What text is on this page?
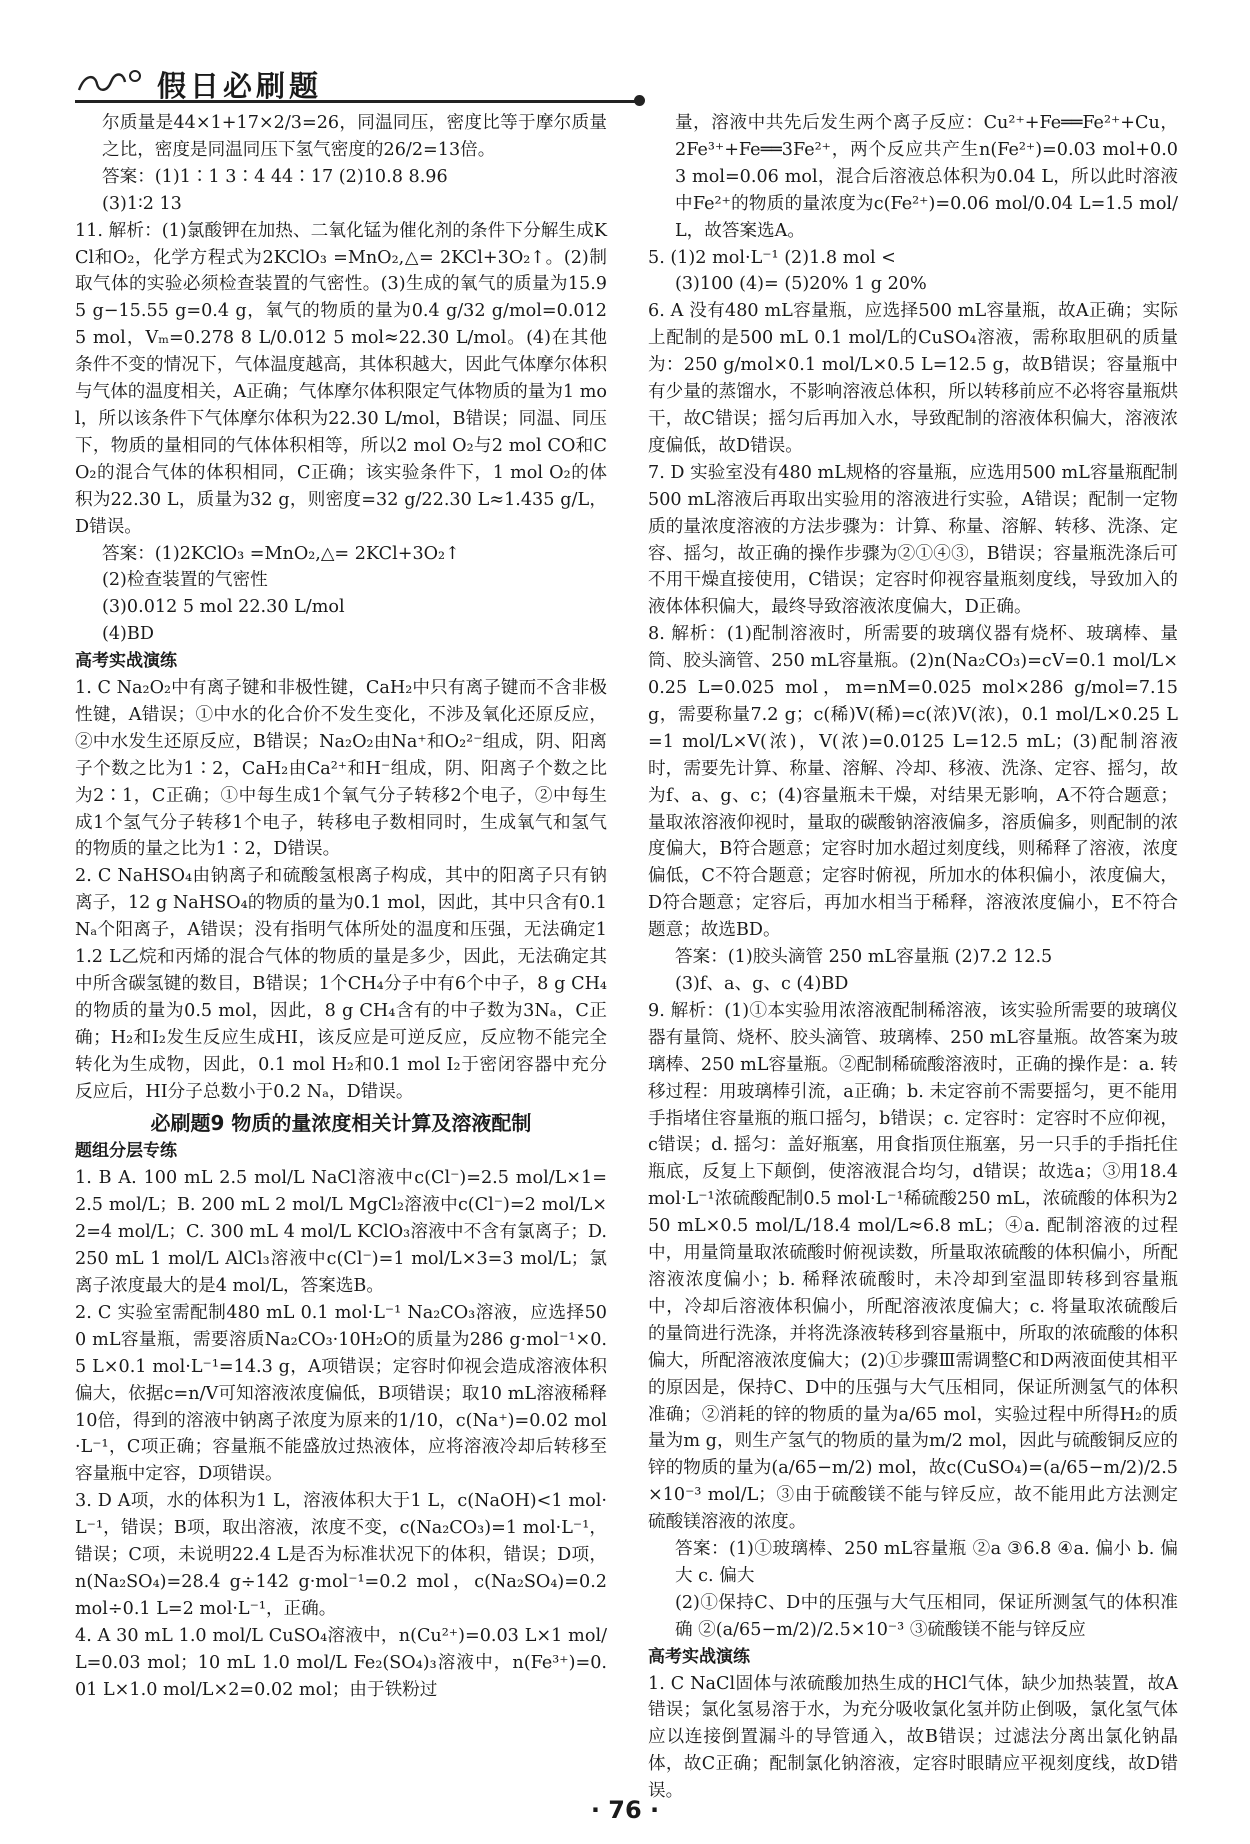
假日必刷题

尔质量是44×1+17×2/3=26，同温同压，密度比等于摩尔质量之比，密度是同温同压下氢气密度的26/2=13倍。

答案：(1)1∶1 3∶4 44∶17 (2)10.8 8.96

(3)1∶2 13

11. 解析：(1)氯酸钾在加热、二氧化锰为催化剂的条件下分解生成KCl和O₂，化学方程式为2KClO₃ =MnO₂,△= 2KCl+3O₂↑。(2)制取气体的实验必须检查装置的气密性。(3)生成的氧气的质量为15.95 g−15.55 g=0.4 g，氧气的物质的量为0.4 g/32 g/mol=0.012 5 mol，Vₘ=0.278 8 L/0.012 5 mol≈22.30 L/mol。(4)在其他条件不变的情况下，气体温度越高，其体积越大，因此气体摩尔体积与气体的温度相关，A正确；气体摩尔体积限定气体物质的量为1 mol，所以该条件下气体摩尔体积为22.30 L/mol，B错误；同温、同压下，物质的量相同的气体体积相等，所以2 mol O₂与2 mol CO和CO₂的混合气体的体积相同，C正确；该实验条件下，1 mol O₂的体积为22.30 L，质量为32 g，则密度=32 g/22.30 L≈1.435 g/L，D错误。

答案：(1)2KClO₃ =MnO₂,△= 2KCl+3O₂↑

(2)检查装置的气密性

(3)0.012 5 mol 22.30 L/mol

(4)BD

高考实战演练

1. C Na₂O₂中有离子键和非极性键，CaH₂中只有离子键而不含非极性键，A错误；①中水的化合价不发生变化，不涉及氧化还原反应，②中水发生还原反应，B错误；Na₂O₂由Na⁺和O₂²⁻组成，阴、阳离子个数之比为1∶2，CaH₂由Ca²⁺和H⁻组成，阴、阳离子个数之比为2∶1，C正确；①中每生成1个氧气分子转移2个电子，②中每生成1个氢气分子转移1个电子，转移电子数相同时，生成氧气和氢气的物质的量之比为1∶2，D错误。

2. C NaHSO₄由钠离子和硫酸氢根离子构成，其中的阳离子只有钠离子，12 g NaHSO₄的物质的量为0.1 mol，因此，其中只含有0.1 Nₐ个阳离子，A错误；没有指明气体所处的温度和压强，无法确定11.2 L乙烷和丙烯的混合气体的物质的量是多少，因此，无法确定其中所含碳氢键的数目，B错误；1个CH₄分子中有6个中子，8 g CH₄的物质的量为0.5 mol，因此，8 g CH₄含有的中子数为3Nₐ，C正确；H₂和I₂发生反应生成HI，该反应是可逆反应，反应物不能完全转化为生成物，因此，0.1 mol H₂和0.1 mol I₂于密闭容器中充分反应后，HI分子总数小于0.2 Nₐ，D错误。

必刷题9 物质的量浓度相关计算及溶液配制

题组分层专练

1. B A. 100 mL 2.5 mol/L NaCl溶液中c(Cl⁻)=2.5 mol/L×1=2.5 mol/L；B. 200 mL 2 mol/L MgCl₂溶液中c(Cl⁻)=2 mol/L×2=4 mol/L；C. 300 mL 4 mol/L KClO₃溶液中不含有氯离子；D. 250 mL 1 mol/L AlCl₃溶液中c(Cl⁻)=1 mol/L×3=3 mol/L；氯离子浓度最大的是4 mol/L，答案选B。

2. C 实验室需配制480 mL 0.1 mol·L⁻¹ Na₂CO₃溶液，应选择500 mL容量瓶，需要溶质Na₂CO₃·10H₂O的质量为286 g·mol⁻¹×0.5 L×0.1 mol·L⁻¹=14.3 g，A项错误；定容时仰视会造成溶液体积偏大，依据c=n/V可知溶液浓度偏低，B项错误；取10 mL溶液稀释10倍，得到的溶液中钠离子浓度为原来的1/10，c(Na⁺)=0.02 mol·L⁻¹，C项正确；容量瓶不能盛放过热液体，应将溶液冷却后转移至容量瓶中定容，D项错误。

3. D A项，水的体积为1 L，溶液体积大于1 L，c(NaOH)<1 mol·L⁻¹，错误；B项，取出溶液，浓度不变，c(Na₂CO₃)=1 mol·L⁻¹，错误；C项，未说明22.4 L是否为标准状况下的体积，错误；D项，n(Na₂SO₄)=28.4 g÷142 g·mol⁻¹=0.2 mol，c(Na₂SO₄)=0.2 mol÷0.1 L=2 mol·L⁻¹，正确。

4. A 30 mL 1.0 mol/L CuSO₄溶液中，n(Cu²⁺)=0.03 L×1 mol/L=0.03 mol；10 mL 1.0 mol/L Fe₂(SO₄)₃溶液中，n(Fe³⁺)=0.01 L×1.0 mol/L×2=0.02 mol；由于铁粉过

量，溶液中共先后发生两个离子反应：Cu²⁺+Fe══Fe²⁺+Cu，2Fe³⁺+Fe══3Fe²⁺，两个反应共产生n(Fe²⁺)=0.03 mol+0.03 mol=0.06 mol，混合后溶液总体积为0.04 L，所以此时溶液中Fe²⁺的物质的量浓度为c(Fe²⁺)=0.06 mol/0.04 L=1.5 mol/L，故答案选A。

5. (1)2 mol·L⁻¹ (2)1.8 mol <

(3)100 (4)= (5)20% 1 g 20%

6. A 没有480 mL容量瓶，应选择500 mL容量瓶，故A正确；实际上配制的是500 mL 0.1 mol/L的CuSO₄溶液，需称取胆矾的质量为：250 g/mol×0.1 mol/L×0.5 L=12.5 g，故B错误；容量瓶中有少量的蒸馏水，不影响溶液总体积，所以转移前应不必将容量瓶烘干，故C错误；摇匀后再加入水，导致配制的溶液体积偏大，溶液浓度偏低，故D错误。

7. D 实验室没有480 mL规格的容量瓶，应选用500 mL容量瓶配制500 mL溶液后再取出实验用的溶液进行实验，A错误；配制一定物质的量浓度溶液的方法步骤为：计算、称量、溶解、转移、洗涤、定容、摇匀，故正确的操作步骤为②①④③，B错误；容量瓶洗涤后可不用干燥直接使用，C错误；定容时仰视容量瓶刻度线，导致加入的液体体积偏大，最终导致溶液浓度偏大，D正确。

8. 解析：(1)配制溶液时，所需要的玻璃仪器有烧杯、玻璃棒、量筒、胶头滴管、250 mL容量瓶。(2)n(Na₂CO₃)=cV=0.1 mol/L×0.25 L=0.025 mol，m=nM=0.025 mol×286 g/mol=7.15 g，需要称量7.2 g；c(稀)V(稀)=c(浓)V(浓)，0.1 mol/L×0.25 L=1 mol/L×V(浓)，V(浓)=0.0125 L=12.5 mL；(3)配制溶液时，需要先计算、称量、溶解、冷却、移液、洗涤、定容、摇匀，故为f、a、g、c；(4)容量瓶未干燥，对结果无影响，A不符合题意；量取浓溶液仰视时，量取的碳酸钠溶液偏多，溶质偏多，则配制的浓度偏大，B符合题意；定容时加水超过刻度线，则稀释了溶液，浓度偏低，C不符合题意；定容时俯视，所加水的体积偏小，浓度偏大，D符合题意；定容后，再加水相当于稀释，溶液浓度偏小，E不符合题意；故选BD。

答案：(1)胶头滴管 250 mL容量瓶 (2)7.2 12.5

(3)f、a、g、c (4)BD

9. 解析：(1)①本实验用浓溶液配制稀溶液，该实验所需要的玻璃仪器有量筒、烧杯、胶头滴管、玻璃棒、250 mL容量瓶。故答案为玻璃棒、250 mL容量瓶。②配制稀硫酸溶液时，正确的操作是：a. 转移过程：用玻璃棒引流，a正确；b. 未定容前不需要摇匀，更不能用手指堵住容量瓶的瓶口摇匀，b错误；c. 定容时：定容时不应仰视，c错误；d. 摇匀：盖好瓶塞，用食指顶住瓶塞，另一只手的手指托住瓶底，反复上下颠倒，使溶液混合均匀，d错误；故选a；③用18.4 mol·L⁻¹浓硫酸配制0.5 mol·L⁻¹稀硫酸250 mL，浓硫酸的体积为250 mL×0.5 mol/L/18.4 mol/L≈6.8 mL；④a. 配制溶液的过程中，用量筒量取浓硫酸时俯视读数，所量取浓硫酸的体积偏小，所配溶液浓度偏小；b. 稀释浓硫酸时，未冷却到室温即转移到容量瓶中，冷却后溶液体积偏小，所配溶液浓度偏大；c. 将量取浓硫酸后的量筒进行洗涤，并将洗涤液转移到容量瓶中，所取的浓硫酸的体积偏大，所配溶液浓度偏大；(2)①步骤Ⅲ需调整C和D两液面使其相平的原因是，保持C、D中的压强与大气压相同，保证所测氢气的体积准确；②消耗的锌的物质的量为a/65 mol，实验过程中所得H₂的质量为m g，则生产氢气的物质的量为m/2 mol，因此与硫酸铜反应的锌的物质的量为(a/65−m/2) mol，故c(CuSO₄)=(a/65−m/2)/2.5×10⁻³ mol/L；③由于硫酸镁不能与锌反应，故不能用此方法测定硫酸镁溶液的浓度。

答案：(1)①玻璃棒、250 mL容量瓶 ②a ③6.8 ④a. 偏小 b. 偏大 c. 偏大

(2)①保持C、D中的压强与大气压相同，保证所测氢气的体积准确 ②(a/65−m/2)/2.5×10⁻³ ③硫酸镁不能与锌反应

高考实战演练

1. C NaCl固体与浓硫酸加热生成的HCl气体，缺少加热装置，故A错误；氯化氢易溶于水，为充分吸收氯化氢并防止倒吸，氯化氢气体应以连接倒置漏斗的导管通入，故B错误；过滤法分离出氯化钠晶体，故C正确；配制氯化钠溶液，定容时眼睛应平视刻度线，故D错误。

· 76 ·
